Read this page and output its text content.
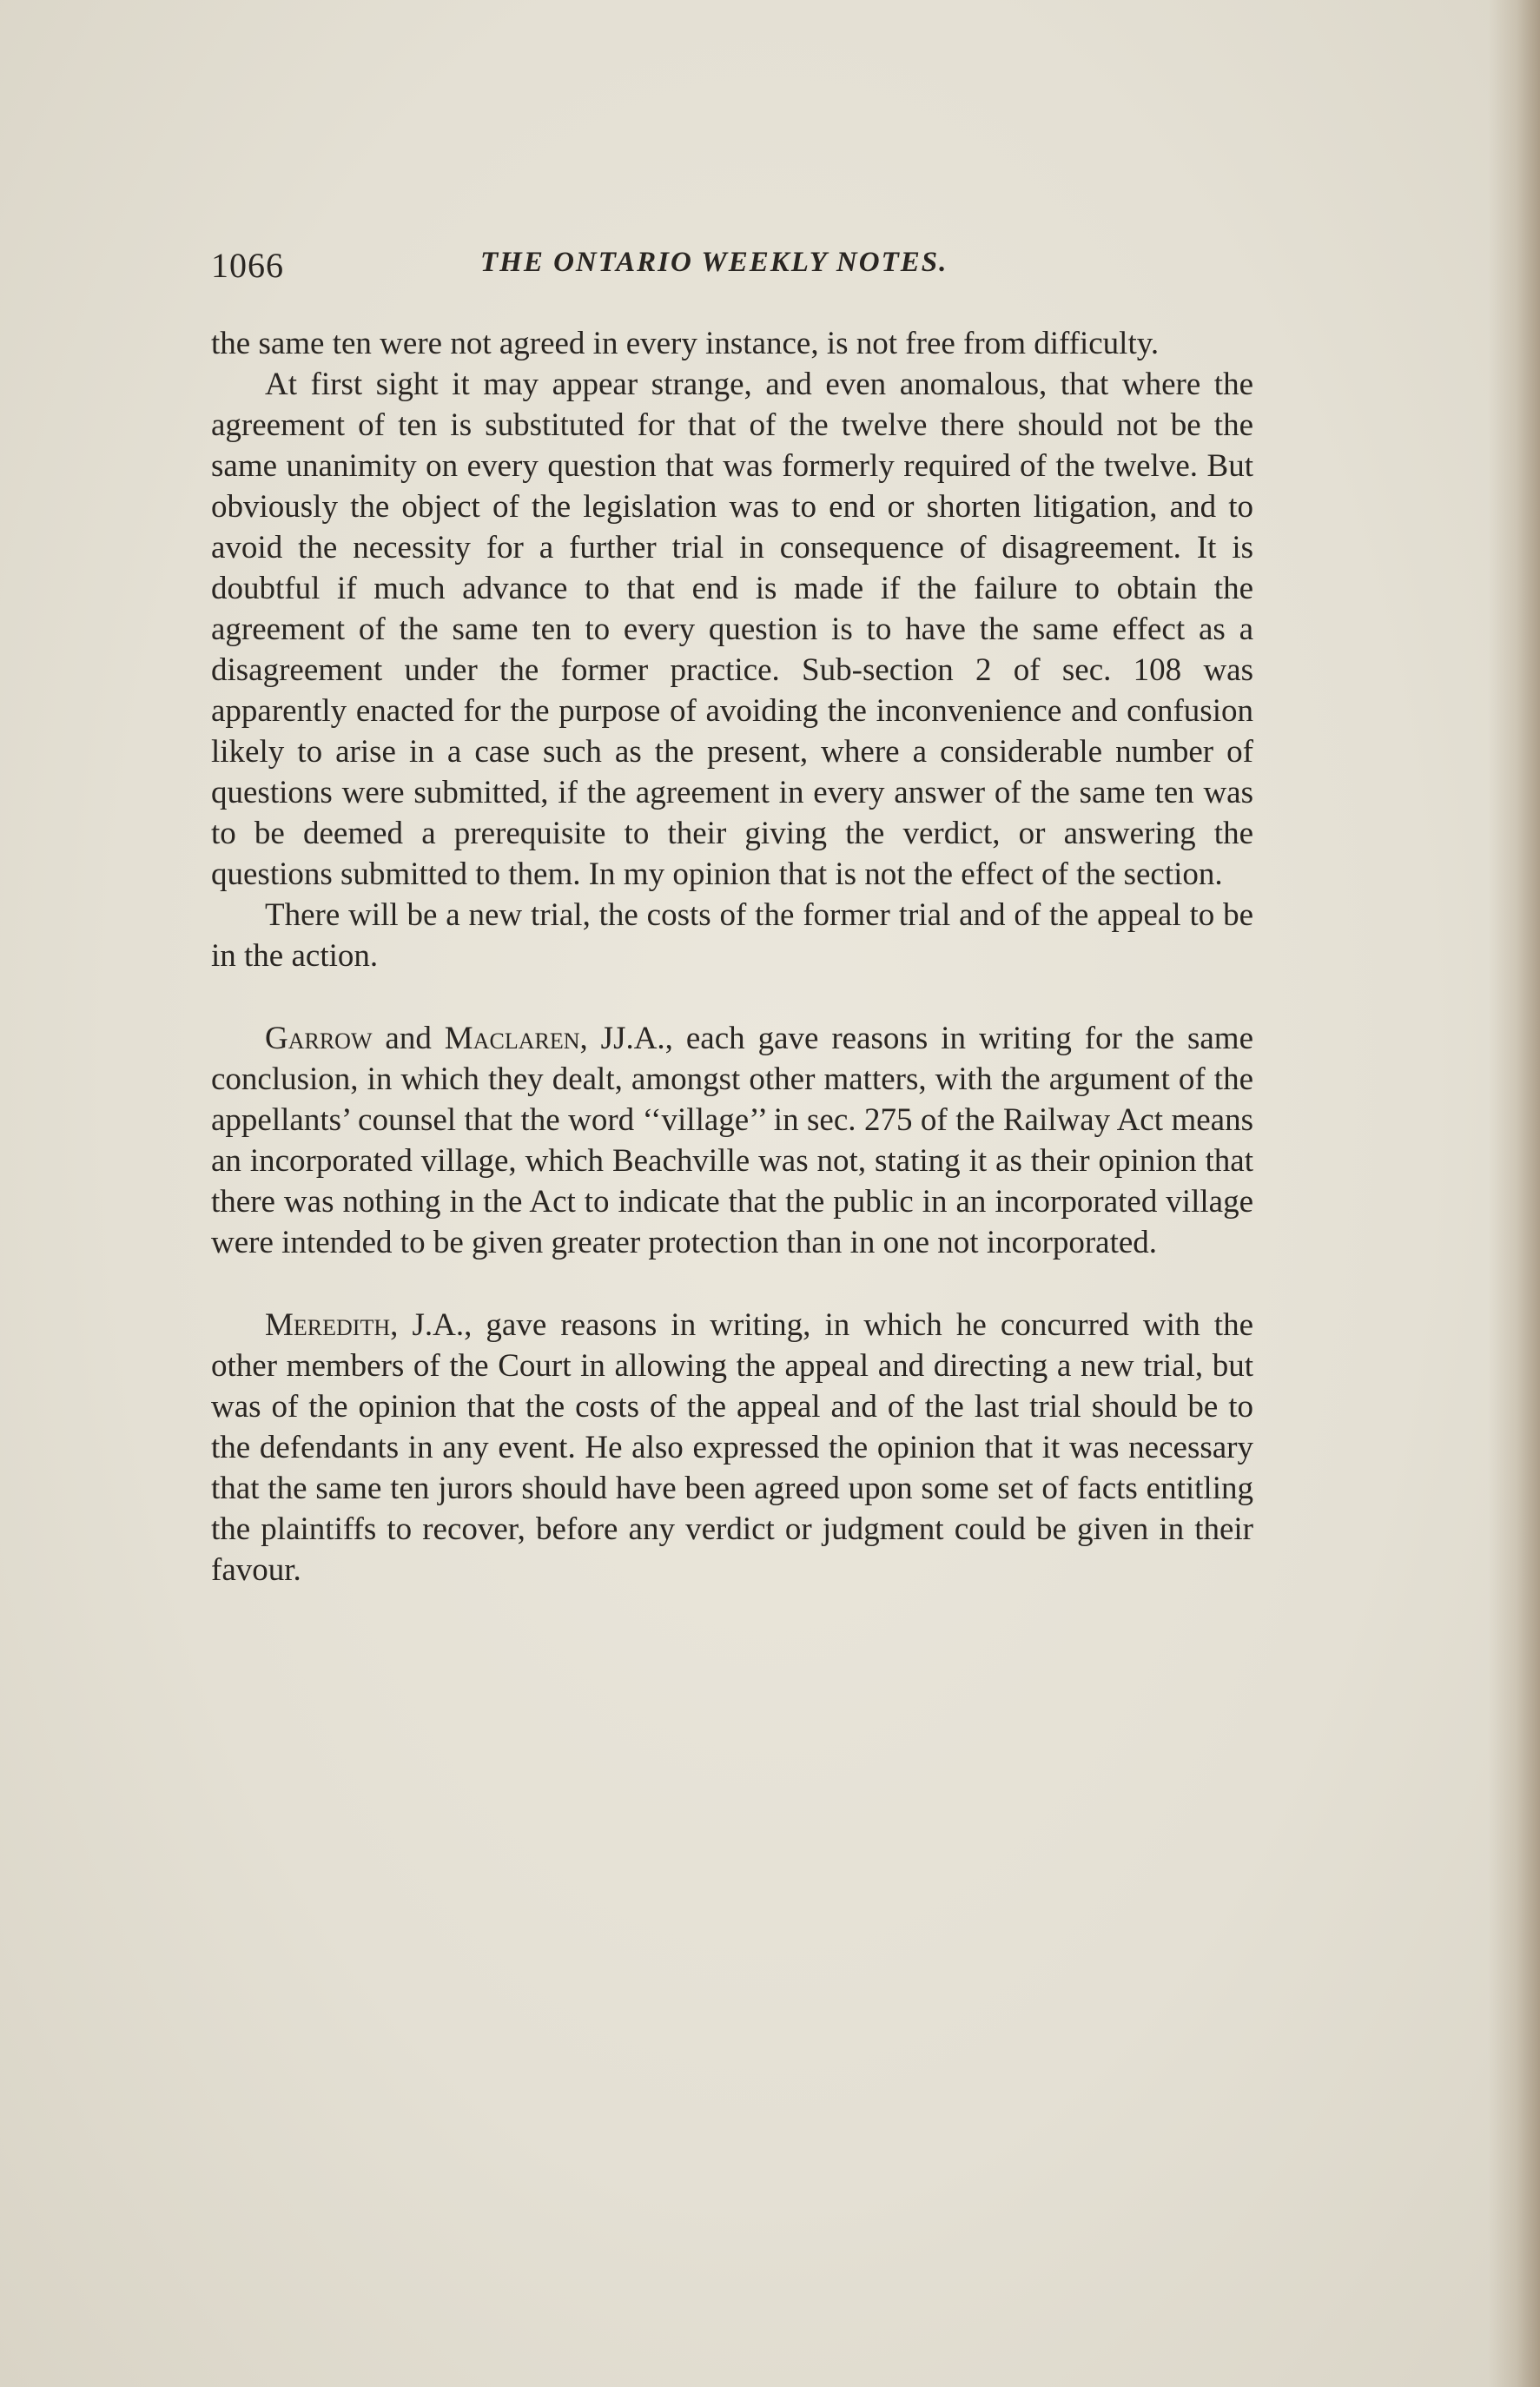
1066	THE ONTARIO WEEKLY NOTES.

the same ten were not agreed in every instance, is not free from difficulty.

At first sight it may appear strange, and even anomalous, that where the agreement of ten is substituted for that of the twelve there should not be the same unanimity on every question that was formerly required of the twelve. But obviously the object of the legislation was to end or shorten litigation, and to avoid the necessity for a further trial in consequence of disagreement. It is doubtful if much advance to that end is made if the failure to obtain the agreement of the same ten to every question is to have the same effect as a disagreement under the former practice. Sub-section 2 of sec. 108 was apparently enacted for the purpose of avoiding the inconvenience and confusion likely to arise in a case such as the present, where a considerable number of questions were submitted, if the agreement in every answer of the same ten was to be deemed a prerequisite to their giving the verdict, or answering the questions submitted to them. In my opinion that is not the effect of the section.

There will be a new trial, the costs of the former trial and of the appeal to be in the action.

Garrow and Maclaren, JJ.A., each gave reasons in writing for the same conclusion, in which they dealt, amongst other matters, with the argument of the appellants’ counsel that the word ‘‘village’’ in sec. 275 of the Railway Act means an incorporated village, which Beachville was not, stating it as their opinion that there was nothing in the Act to indicate that the public in an incorporated village were intended to be given greater protection than in one not incorporated.

Meredith, J.A., gave reasons in writing, in which he concurred with the other members of the Court in allowing the appeal and directing a new trial, but was of the opinion that the costs of the appeal and of the last trial should be to the defendants in any event. He also expressed the opinion that it was necessary that the same ten jurors should have been agreed upon some set of facts entitling the plaintiffs to recover, before any verdict or judgment could be given in their favour.
